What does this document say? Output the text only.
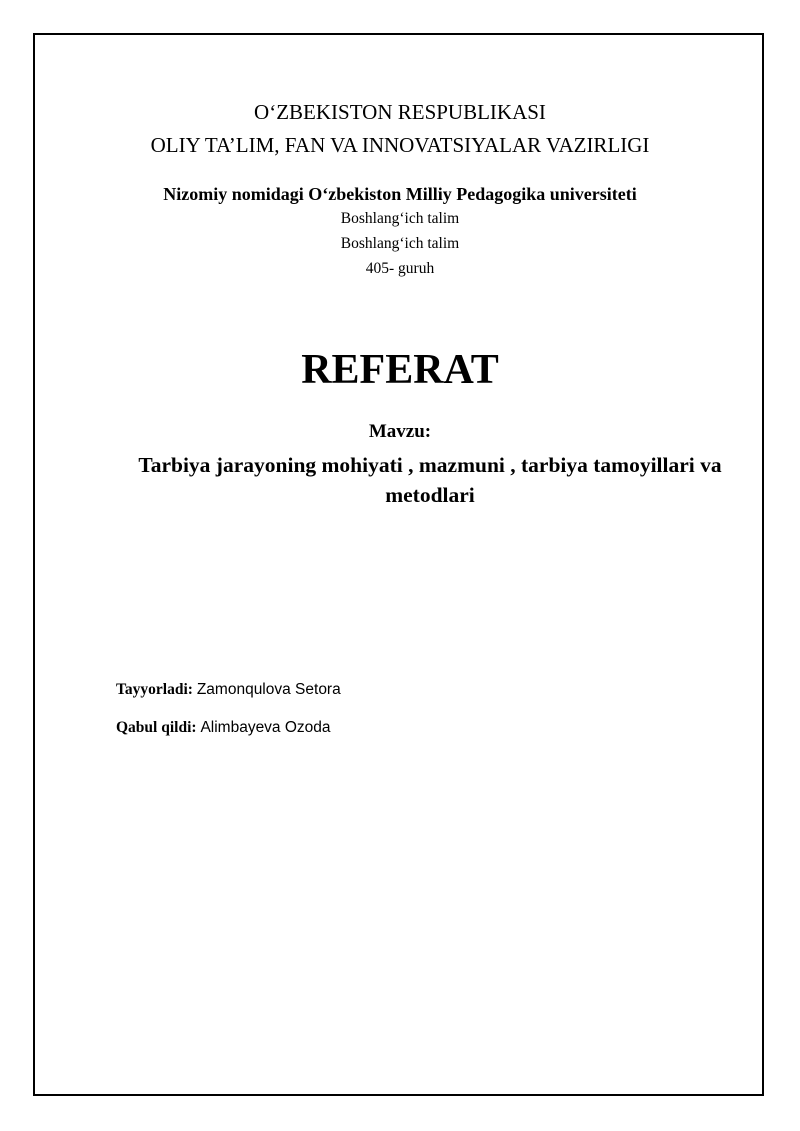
O‘ZBEKISTON RESPUBLIKASI
OLIY TA’LIM, FAN VA INNOVATSIYALAR VAZIRLIGI
Nizomiy nomidagi O‘zbekiston Milliy Pedagogika universiteti
Boshlang‘ich talim
Boshlang‘ich talim
405- guruh
REFERAT
Mavzu:
Tarbiya jarayoning mohiyati , mazmuni , tarbiya tamoyillari va metodlari
Tayyorladi: Zamonqulova Setora
Qabul qildi: Alimbayeva Ozoda
